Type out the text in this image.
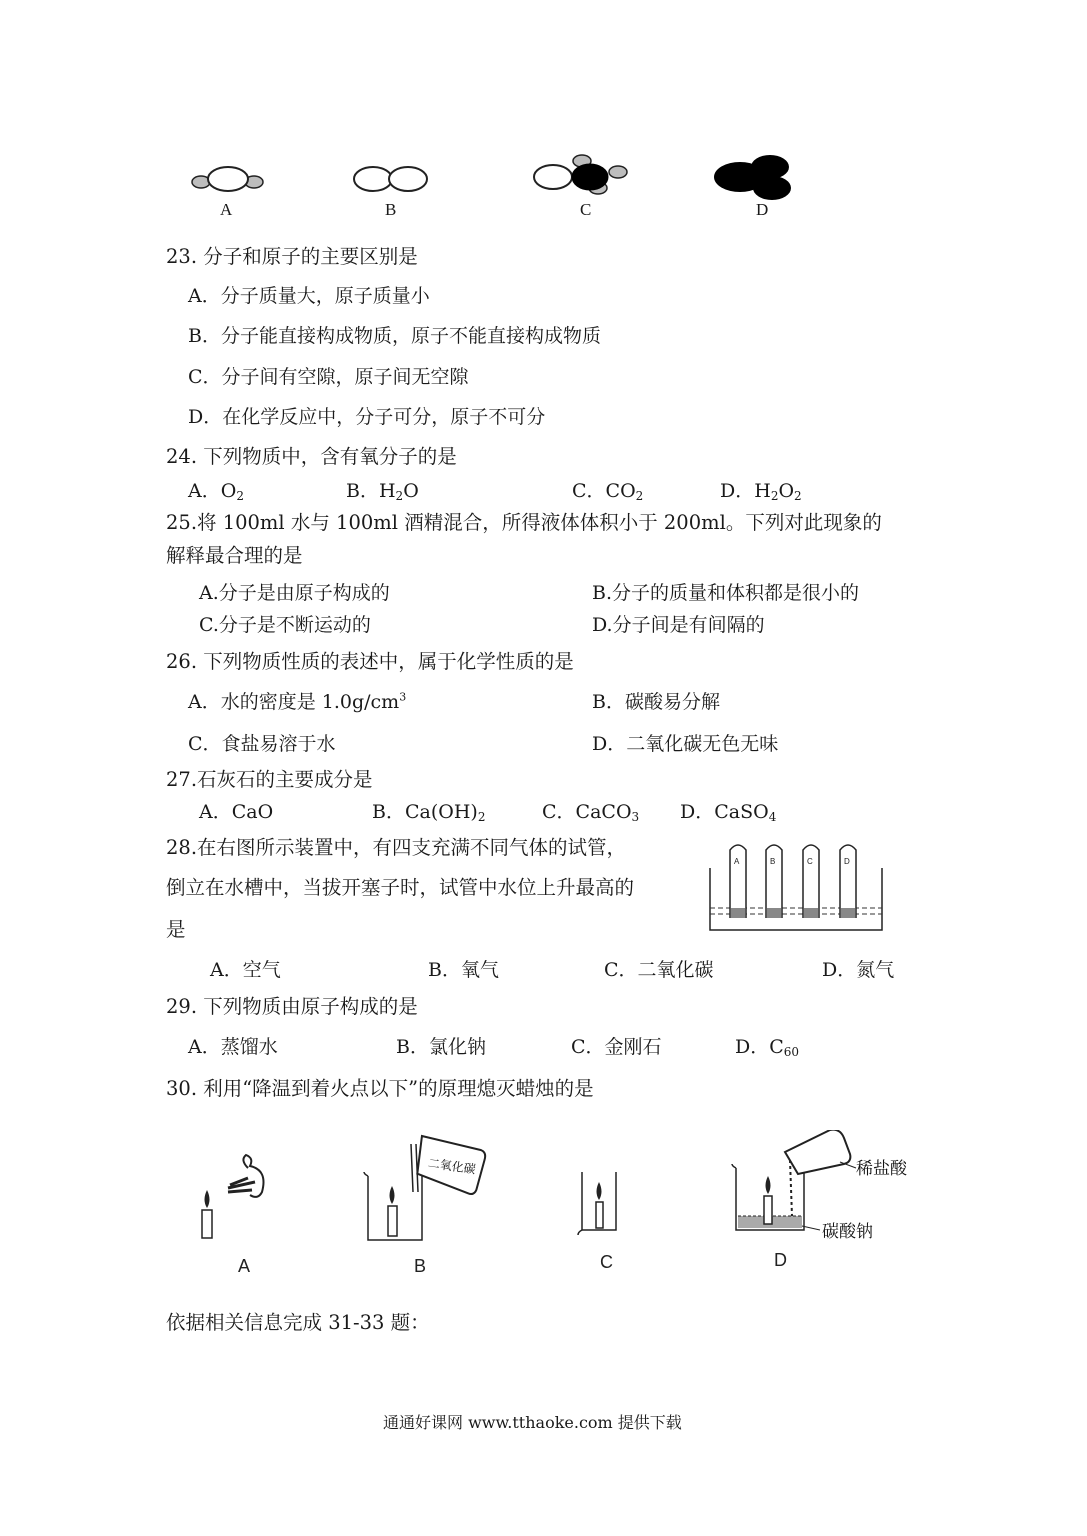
A	B	C	D
23. 分子和原子的主要区别是
A．分子质量大，原子质量小
B．分子能直接构成物质，原子不能直接构成物质
C．分子间有空隙，原子间无空隙
D．在化学反应中，分子可分，原子不可分
24. 下列物质中，含有氧分子的是
A．$O_2$	B．$H_2O$	C．$CO_2$	D．$H_2O_2$
25.将 100ml 水与 100ml 酒精混合，所得液体体积小于 200ml。下列对此现象的
解释最合理的是
A.分子是由原子构成的	B.分子的质量和体积都是很小的
C.分子是不断运动的	D.分子间是有间隔的
26. 下列物质性质的表述中，属于化学性质的是
A．水的密度是 $1.0g/cm^3$	B．碳酸易分解
C．食盐易溶于水	D．二氧化碳无色无味
27.石灰石的主要成分是
A．CaO	B．$Ca(OH)_2$	C．CaCO$_3$ D．CaSO$_4$
28.在右图所示装置中，有四支充满不同气体的试管，
倒立在水槽中，当拔开塞子时，试管中水位上升最高的
是
A	B	C	D
A．空气	B．氧气	C．二氧化碳	D．氮气
29. 下列物质由原子构成的是
A．蒸馏水	B．氯化钠	C．金刚石	D．$C_{60}$
30. 利用“降温到着火点以下”的原理熄灭蜡烛的是
二氧化碳	稀盐酸
碳酸钠
A	B	C	D
依据相关信息完成 31-33 题：
通通好课网 www.tthaoke.com 提供下载
